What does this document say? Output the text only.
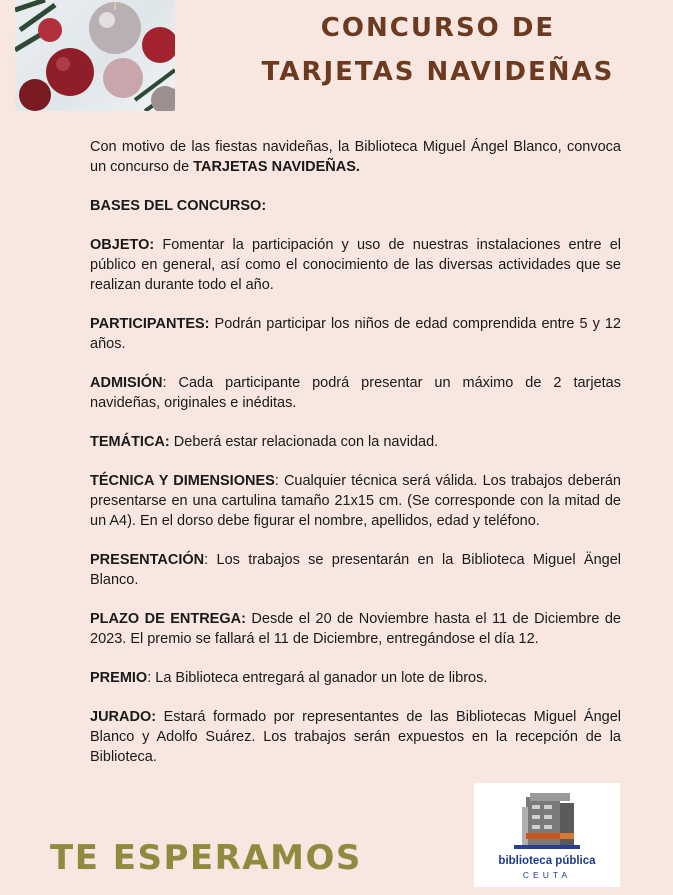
CONCURSO DE
TARJETAS NAVIDEÑAS

Con motivo de las fiestas navideñas, la Biblioteca Miguel Ángel Blanco, convoca un concurso de TARJETAS NAVIDEÑAS.

BASES DEL CONCURSO:

OBJETO: Fomentar la participación y uso de nuestras instalaciones entre el público en general, así como el conocimiento de las diversas actividades que se realizan durante todo el año.

PARTICIPANTES: Podrán participar los niños de edad comprendida entre 5 y 12 años.

ADMISIÓN: Cada participante podrá presentar un máximo de 2 tarjetas navideñas, originales e inéditas.

TEMÁTICA: Deberá estar relacionada con la navidad.

TÉCNICA Y DIMENSIONES: Cualquier técnica será válida. Los trabajos deberán presentarse en una cartulina tamaño 21x15 cm. (Se corresponde con la mitad de un A4). En el dorso debe figurar el nombre, apellidos, edad y teléfono.

PRESENTACIÓN: Los trabajos se presentarán en la Biblioteca Miguel Ängel Blanco.

PLAZO DE ENTREGA: Desde el 20 de Noviembre hasta el 11 de Diciembre de 2023. El premio se fallará el 11 de Diciembre, entregándose el día 12.

PREMIO: La Biblioteca entregará al ganador un lote de libros.

JURADO: Estará formado por representantes de las Bibliotecas Miguel Ángel Blanco y Adolfo Suárez. Los trabajos serán expuestos en la recepción de la Biblioteca.

TE ESPERAMOS	biblioteca pública
CEUTA
